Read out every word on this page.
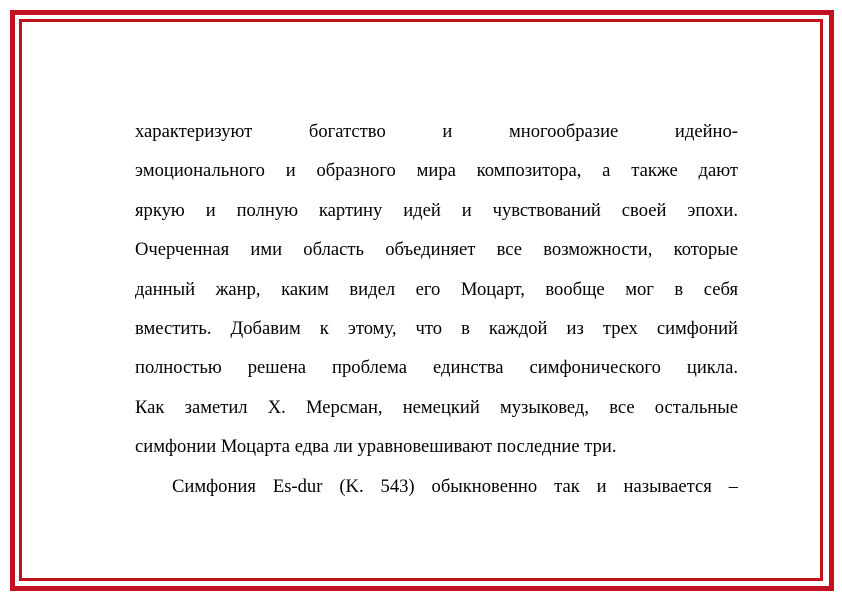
характеризуют богатство и многообразие идейно-
эмоционального и образного мира композитора, а также дают
яркую и полную картину идей и чувствований своей эпохи.
Очерченная ими область объединяет все возможности, которые
данный жанр, каким видел его Моцарт, вообще мог в себя
вместить. Добавим к этому, что в каждой из трех симфоний
полностью решена проблема единства симфонического цикла.
Как заметил Х. Мерсман, немецкий музыковед, все остальные
симфонии Моцарта едва ли уравновешивают последние три.
Симфония Es-dur (K. 543) обыкновенно так и называется –
